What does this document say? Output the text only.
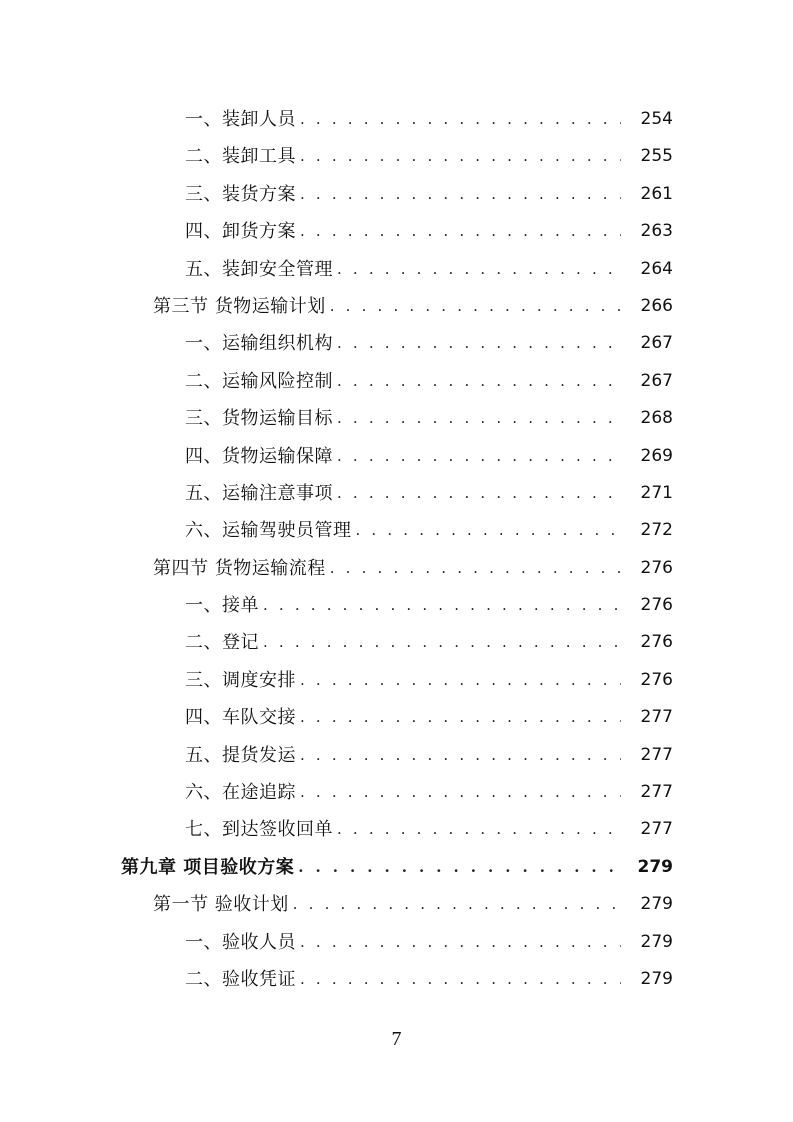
一、装卸人员 . . .	254
二、装卸工具 . . .	255
三、装货方案 . . .	261
四、卸货方案 . . .	263
五、装卸安全管理 . . .	264
第三节 货物运输计划 . . .	266
一、运输组织机构 . . .	267
二、运输风险控制 . . .	267
三、货物运输目标 . . .	268
四、货物运输保障 . . .	269
五、运输注意事项 . . .	271
六、运输驾驶员管理 . . .	272
第四节 货物运输流程 . . .	276
一、接单 . . .	276
二、登记 . . .	276
三、调度安排 . . .	276
四、车队交接 . . .	277
五、提货发运 . . .	277
六、在途追踪 . . .	277
七、到达签收回单 . . .	277
第九章 项目验收方案 . . .	279
第一节 验收计划 . . .	279
一、验收人员 . . .	279
二、验收凭证 . . .	279
7
